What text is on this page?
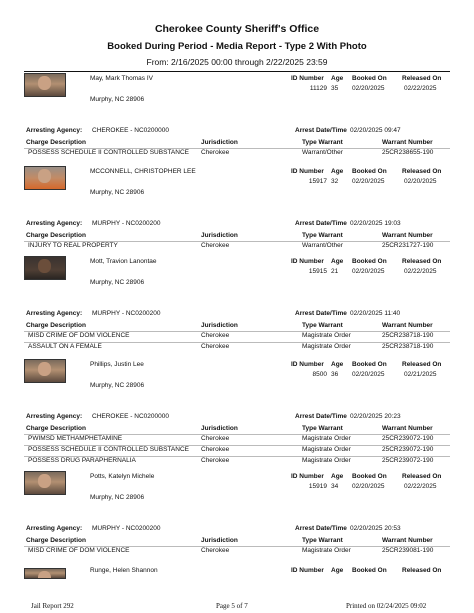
Cherokee County Sheriff's Office
Booked During Period - Media Report - Type 2 With Photo
From: 2/16/2025 00:00 through 2/22/2025 23:59
May, Mark Thomas IV
Murphy, NC 28906
ID Number Age Booked On Released On
11129 35 02/20/2025	02/22/2025
Arresting Agency: CHEROKEE - NC0200000	Arrest Date/Time 02/20/2025 09:47
Charge Description	Jurisdiction	Type Warrant	Warrant Number
POSSESS SCHEDULE II CONTROLLED SUBSTANCE Cherokee	Warrant/Other	25CR238655-190
MCCONNELL, CHRISTOPHER LEE
Murphy, NC 28906
ID Number Age Booked On Released On
15917 32 02/20/2025	02/20/2025
Arresting Agency: MURPHY - NC0200200	Arrest Date/Time 02/20/2025 19:03
Charge Description	Jurisdiction	Type Warrant	Warrant Number
INJURY TO REAL PROPERTY	Cherokee	Warrant/Other	25CR231727-190
Mott, Travion Lanontae
Murphy, NC 28906
ID Number Age Booked On Released On
15915 21 02/20/2025	02/22/2025
Arresting Agency: MURPHY - NC0200200	Arrest Date/Time 02/20/2025 11:40
Charge Description	Jurisdiction	Type Warrant	Warrant Number
MISD CRIME OF DOM VIOLENCE	Cherokee	Magistrate Order	25CR238718-190
ASSAULT ON A FEMALE	Cherokee	Magistrate Order	25CR238718-190
Phillips, Justin Lee
Murphy, NC 28906
ID Number Age Booked On Released On
8500 36 02/20/2025	02/21/2025
Arresting Agency: CHEROKEE - NC0200000	Arrest Date/Time 02/20/2025 20:23
Charge Description	Jurisdiction	Type Warrant	Warrant Number
PWIMSD METHAMPHETAMINE	Cherokee	Magistrate Order	25CR239072-190
POSSESS SCHEDULE II CONTROLLED SUBSTANCE Cherokee	Magistrate Order	25CR239072-190
POSSESS DRUG PARAPHERNALIA	Cherokee	Magistrate Order	25CR239072-190
Potts, Katelyn Michele
Murphy, NC 28906
ID Number Age Booked On Released On
15919 34 02/20/2025	02/22/2025
Arresting Agency: MURPHY - NC0200200	Arrest Date/Time 02/20/2025 20:53
Charge Description	Jurisdiction	Type Warrant	Warrant Number
MISD CRIME OF DOM VIOLENCE	Cherokee	Magistrate Order	25CR239081-190
Runge, Helen Shannon	ID Number Age Booked On Released On
Jail Report 292	Page 5 of 7	Printed on 02/24/2025 09:02
